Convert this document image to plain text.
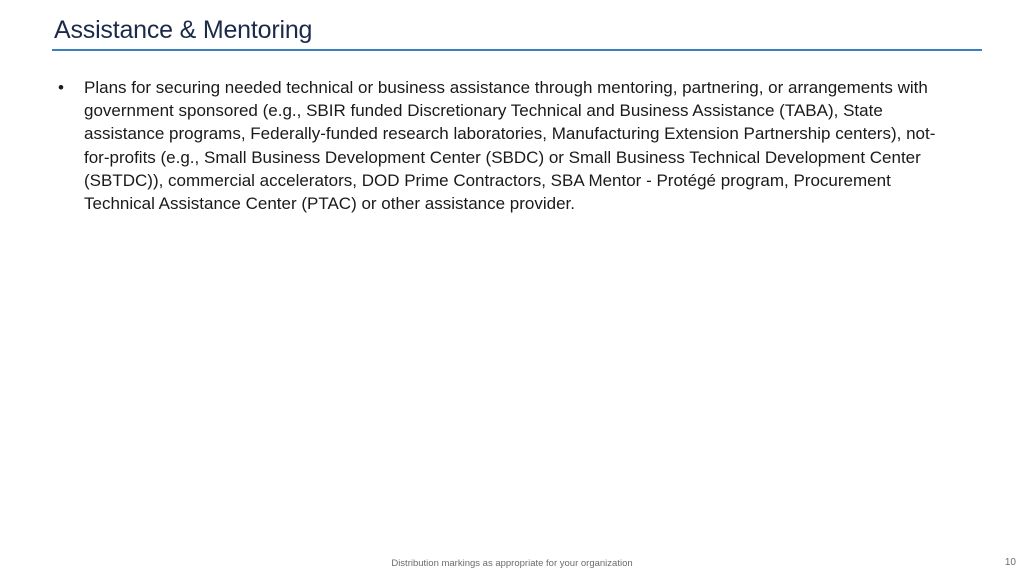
Assistance & Mentoring
•	Plans for securing needed technical or business assistance through mentoring, partnering, or arrangements with government sponsored (e.g., SBIR funded Discretionary Technical and Business Assistance (TABA), State assistance programs, Federally-funded research laboratories, Manufacturing Extension Partnership centers), not-for-profits (e.g., Small Business Development Center (SBDC) or Small Business Technical Development Center (SBTDC)), commercial accelerators, DOD Prime Contractors, SBA Mentor - Protégé program, Procurement Technical Assistance Center (PTAC) or other assistance provider.
Distribution markings as appropriate for your organization	10
